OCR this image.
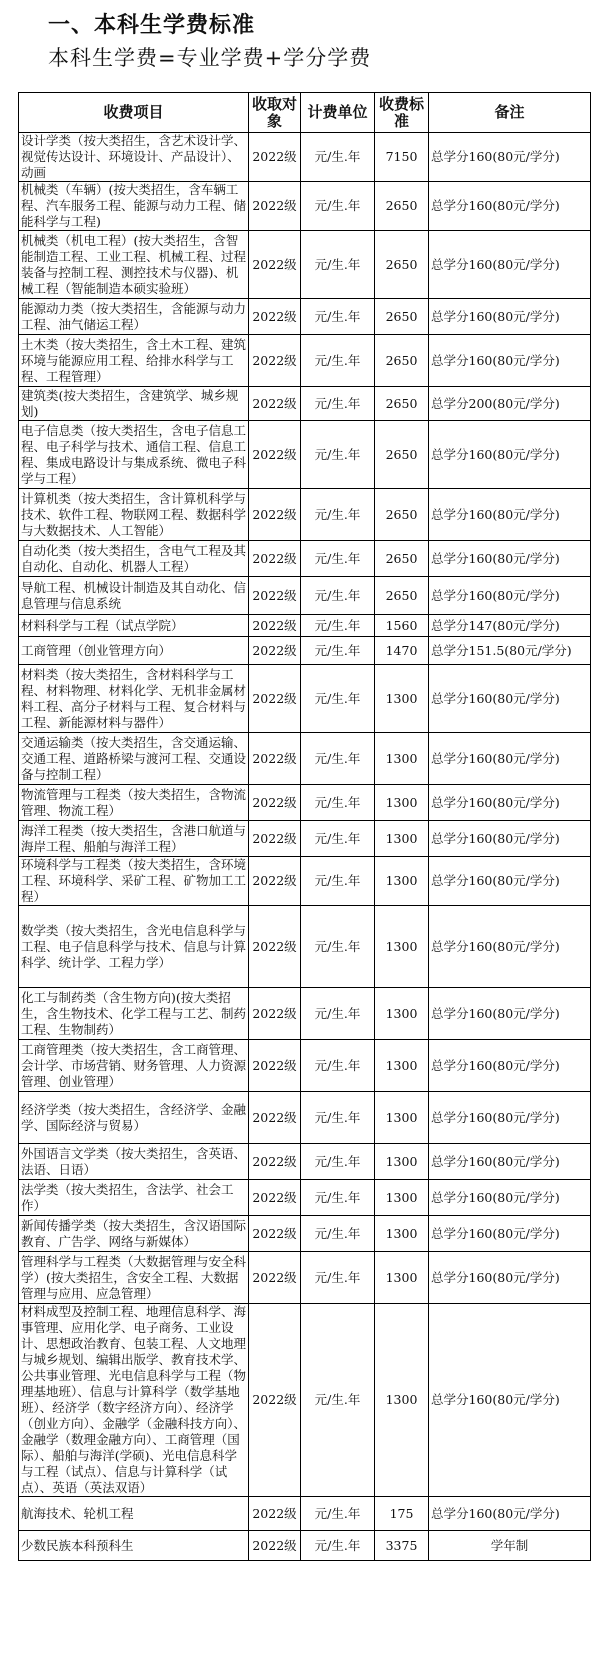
一、本科生学费标准
本科生学费=专业学费+学分学费
收费项目	收取对象	计费单位	收费标准	备注
设计学类（按大类招生，含艺术设计学、视觉传达设计、环境设计、产品设计）、动画	2022级	元/生.年	7150	总学分160(80元/学分)
机械类（车辆）(按大类招生，含车辆工程、汽车服务工程、能源与动力工程、储能科学与工程)	2022级	元/生.年	2650	总学分160(80元/学分)
机械类（机电工程）(按大类招生，含智能制造工程、工业工程、机械工程、过程装备与控制工程、测控技术与仪器)、机械工程（智能制造本硕实验班）	2022级	元/生.年	2650	总学分160(80元/学分)
能源动力类（按大类招生，含能源与动力工程、油气储运工程）	2022级	元/生.年	2650	总学分160(80元/学分)
土木类（按大类招生，含土木工程、建筑环境与能源应用工程、给排水科学与工程、工程管理）	2022级	元/生.年	2650	总学分160(80元/学分)
建筑类(按大类招生，含建筑学、城乡规划)	2022级	元/生.年	2650	总学分200(80元/学分)
电子信息类（按大类招生，含电子信息工程、电子科学与技术、通信工程、信息工程、集成电路设计与集成系统、微电子科学与工程）	2022级	元/生.年	2650	总学分160(80元/学分)
计算机类（按大类招生，含计算机科学与技术、软件工程、物联网工程、数据科学与大数据技术、人工智能）	2022级	元/生.年	2650	总学分160(80元/学分)
自动化类（按大类招生，含电气工程及其自动化、自动化、机器人工程）	2022级	元/生.年	2650	总学分160(80元/学分)
导航工程、机械设计制造及其自动化、信息管理与信息系统	2022级	元/生.年	2650	总学分160(80元/学分)
材料科学与工程（试点学院）	2022级	元/生.年	1560	总学分147(80元/学分)
工商管理（创业管理方向）	2022级	元/生.年	1470	总学分151.5(80元/学分)
材料类（按大类招生，含材料科学与工程、材料物理、材料化学、无机非金属材料工程、高分子材料与工程、复合材料与工程、新能源材料与器件）	2022级	元/生.年	1300	总学分160(80元/学分)
交通运输类（按大类招生，含交通运输、交通工程、道路桥梁与渡河工程、交通设备与控制工程）	2022级	元/生.年	1300	总学分160(80元/学分)
物流管理与工程类（按大类招生，含物流管理、物流工程）	2022级	元/生.年	1300	总学分160(80元/学分)
海洋工程类（按大类招生，含港口航道与海岸工程、船舶与海洋工程）	2022级	元/生.年	1300	总学分160(80元/学分)
环境科学与工程类（按大类招生，含环境工程、环境科学、采矿工程、矿物加工工程）	2022级	元/生.年	1300	总学分160(80元/学分)
数学类（按大类招生，含光电信息科学与工程、电子信息科学与技术、信息与计算科学、统计学、工程力学）	2022级	元/生.年	1300	总学分160(80元/学分)
化工与制药类（含生物方向)(按大类招生，含生物技术、化学工程与工艺、制药工程、生物制药）	2022级	元/生.年	1300	总学分160(80元/学分)
工商管理类（按大类招生，含工商管理、会计学、市场营销、财务管理、人力资源管理、创业管理）	2022级	元/生.年	1300	总学分160(80元/学分)
经济学类（按大类招生，含经济学、金融学、国际经济与贸易）	2022级	元/生.年	1300	总学分160(80元/学分)
外国语言文学类（按大类招生，含英语、法语、日语）	2022级	元/生.年	1300	总学分160(80元/学分)
法学类（按大类招生，含法学、社会工作）	2022级	元/生.年	1300	总学分160(80元/学分)
新闻传播学类（按大类招生，含汉语国际教育、广告学、网络与新媒体）	2022级	元/生.年	1300	总学分160(80元/学分)
管理科学与工程类（大数据管理与安全科学）(按大类招生，含安全工程、大数据管理与应用、应急管理）	2022级	元/生.年	1300	总学分160(80元/学分)
材料成型及控制工程、地理信息科学、海事管理、应用化学、电子商务、工业设计、思想政治教育、包装工程、人文地理与城乡规划、编辑出版学、教育技术学、公共事业管理、光电信息科学与工程（物理基地班）、信息与计算科学（数学基地班）、经济学（数字经济方向）、经济学（创业方向）、金融学（金融科技方向）、金融学（数理金融方向）、工商管理（国际）、船舶与海洋(学硕)、光电信息科学与工程（试点）、信息与计算科学（试点）、英语（英法双语）	2022级	元/生.年	1300	总学分160(80元/学分)
航海技术、轮机工程	2022级	元/生.年	175	总学分160(80元/学分)
少数民族本科预科生	2022级	元/生.年	3375	学年制
